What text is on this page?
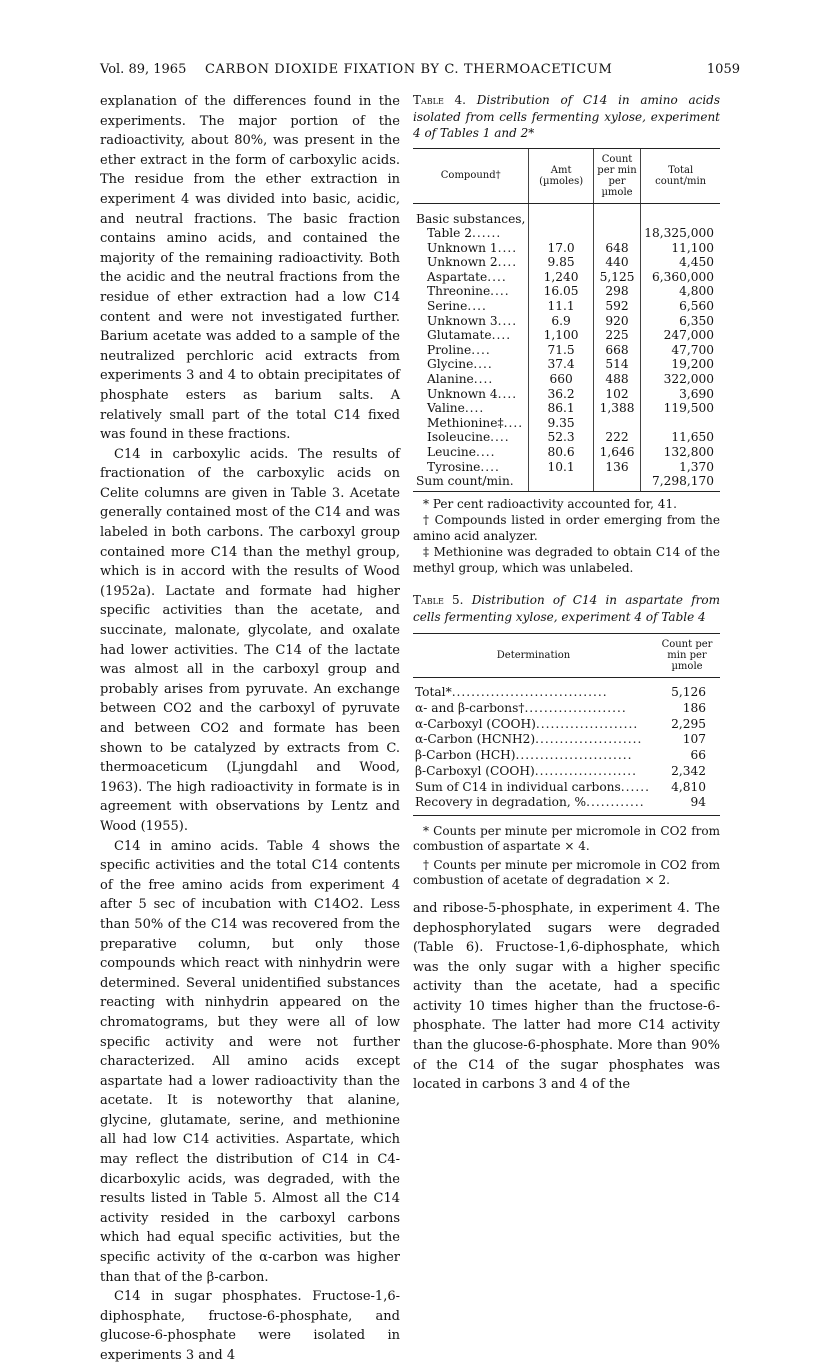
Vol. 89, 1965 CARBON DIOXIDE FIXATION BY C. THERMOACETICUM	1059

explanation of the differences found in the experiments. The major portion of the radioactivity, about 80%, was present in the ether extract in the form of carboxylic acids. The residue from the ether extraction in experiment 4 was divided into basic, acidic, and neutral fractions. The basic fraction contains amino acids, and contained the majority of the remaining radioactivity. Both the acidic and the neutral fractions from the residue of ether extraction had a low C14 content and were not investigated further. Barium acetate was added to a sample of the neutralized perchloric acid extracts from experiments 3 and 4 to obtain precipitates of phosphate esters as barium salts. A relatively small part of the total C14 fixed was found in these fractions.

C14 in carboxylic acids. The results of fractionation of the carboxylic acids on Celite columns are given in Table 3. Acetate generally contained most of the C14 and was labeled in both carbons. The carboxyl group contained more C14 than the methyl group, which is in accord with the results of Wood (1952a). Lactate and formate had higher specific activities than the acetate, and succinate, malonate, glycolate, and oxalate had lower activities. The C14 of the lactate was almost all in the carboxyl group and probably arises from pyruvate. An exchange between CO2 and the carboxyl of pyruvate and between CO2 and formate has been shown to be catalyzed by extracts from C. thermoaceticum (Ljungdahl and Wood, 1963). The high radioactivity in formate is in agreement with observations by Lentz and Wood (1955).

C14 in amino acids. Table 4 shows the specific activities and the total C14 contents of the free amino acids from experiment 4 after 5 sec of incubation with C14O2. Less than 50% of the C14 was recovered from the preparative column, but only those compounds which react with ninhydrin were determined. Several unidentified substances reacting with ninhydrin appeared on the chromatograms, but they were all of low specific activity and were not further characterized. All amino acids except aspartate had a lower radioactivity than the acetate. It is noteworthy that alanine, glycine, glutamate, serine, and methionine all had low C14 activities. Aspartate, which may reflect the distribution of C14 in C4-dicarboxylic acids, was degraded, with the results listed in Table 5. Almost all the C14 activity resided in the carboxyl carbons which had equal specific activities, but the specific activity of the α-carbon was higher than that of the β-carbon.

C14 in sugar phosphates. Fructose-1,6-diphosphate, fructose-6-phosphate, and glucose-6-phosphate were isolated in experiments 3 and 4

Table 4. Distribution of C14 in amino acids isolated from cells fermenting xylose, experiment 4 of Tables 1 and 2*

Compound†	Amt (µmoles)	Count per min per µmole	Total count/min
Basic substances,			
Table 2......			18,325,000
Unknown 1....	17.0	648	11,100
Unknown 2....	9.85	440	4,450
Aspartate....	1,240	5,125	6,360,000
Threonine....	16.05	298	4,800
Serine....	11.1	592	6,560
Unknown 3....	6.9	920	6,350
Glutamate....	1,100	225	247,000
Proline....	71.5	668	47,700
Glycine....	37.4	514	19,200
Alanine....	660	488	322,000
Unknown 4....	36.2	102	3,690
Valine....	86.1	1,388	119,500
Methionine‡....	9.35		
Isoleucine....	52.3	222	11,650
Leucine....	80.6	1,646	132,800
Tyrosine....	10.1	136	1,370
Sum count/min.			7,298,170

* Per cent radioactivity accounted for, 41.

† Compounds listed in order emerging from the amino acid analyzer.

‡ Methionine was degraded to obtain C14 of the methyl group, which was unlabeled.

Table 5. Distribution of C14 in aspartate from cells fermenting xylose, experiment 4 of Table 4

Determination	Count per min per µmole
Total*................................	5,126
α- and β-carbons†.....................	186
α-Carboxyl (COOH).....................	2,295
α-Carbon (HCNH2)......................	107
β-Carbon (HCH)........................	66
β-Carboxyl (COOH).....................	2,342
Sum of C14 in individual carbons......	4,810
Recovery in degradation, %............	94

* Counts per minute per micromole in CO2 from combustion of aspartate × 4.

† Counts per minute per micromole in CO2 from combustion of acetate of degradation × 2.

and ribose-5-phosphate, in experiment 4. The dephosphorylated sugars were degraded (Table 6). Fructose-1,6-diphosphate, which was the only sugar with a higher specific activity than the acetate, had a specific activity 10 times higher than the fructose-6-phosphate. The latter had more C14 activity than the glucose-6-phosphate. More than 90% of the C14 of the sugar phosphates was located in carbons 3 and 4 of the
